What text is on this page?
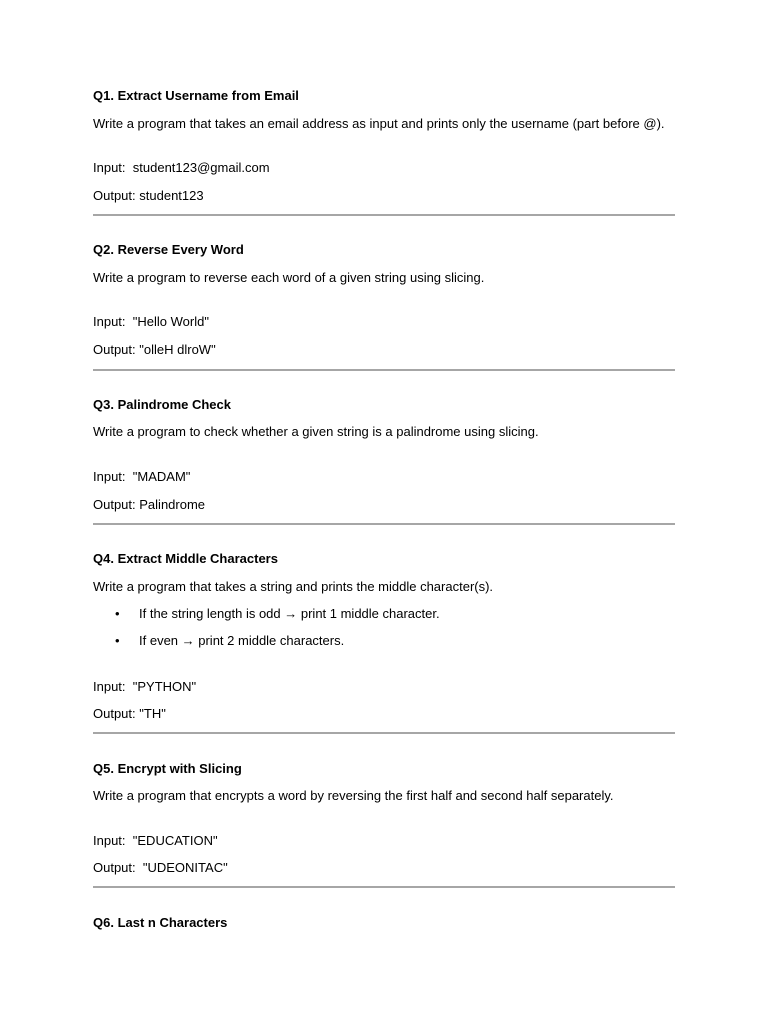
Q1. Extract Username from Email
Write a program that takes an email address as input and prints only the username (part before @).
Input: student123@gmail.com
Output: student123
Q2. Reverse Every Word
Write a program to reverse each word of a given string using slicing.
Input: "Hello World"
Output: "olleH dlroW"
Q3. Palindrome Check
Write a program to check whether a given string is a palindrome using slicing.
Input: "MADAM"
Output: Palindrome
Q4. Extract Middle Characters
Write a program that takes a string and prints the middle character(s).
•	If the string length is odd → print 1 middle character.
•	If even → print 2 middle characters.
Input: "PYTHON"
Output: "TH"
Q5. Encrypt with Slicing
Write a program that encrypts a word by reversing the first half and second half separately.
Input: "EDUCATION"
Output: "UDEONITAC"
Q6. Last n Characters
